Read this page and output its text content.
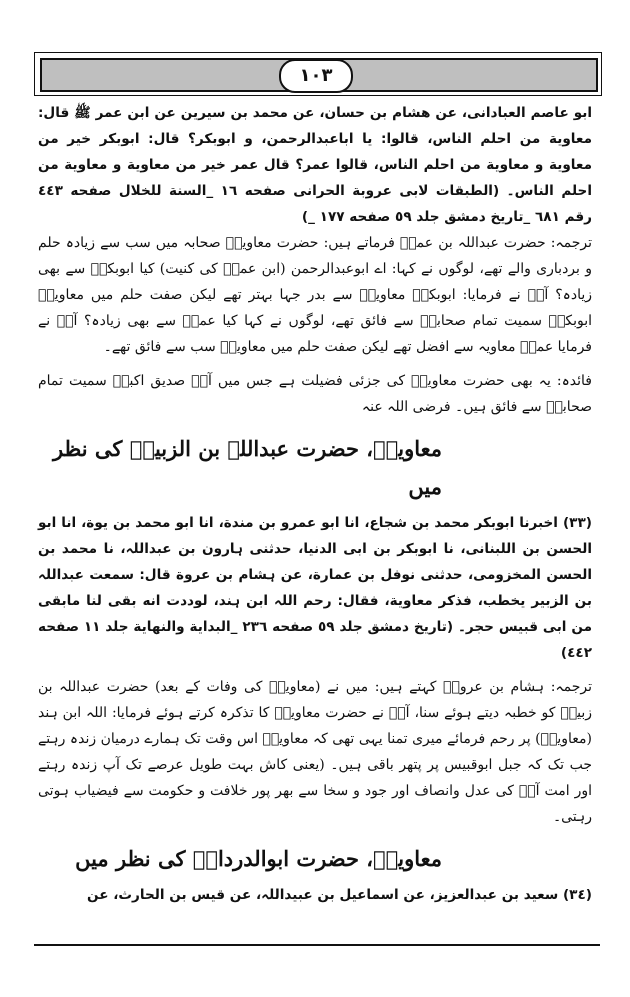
١٠٣

ابو عاصم العبادانی، عن هشام بن حسان، عن محمد بن سیرین عن ابن عمر ﷺ قال: معاویة من احلم الناس، قالوا: یا اباعبدالرحمن، و ابوبکر؟ قال: ابوبکر خیر من معاویة و معاویة من احلم الناس، قالوا عمر؟ قال عمر خیر من معاویة و معاویة من احلم الناس۔ (الطبقات لابی عروبة الحرانی صفحه ١٦ _السنة للخلال صفحه ٤٤٣ رقم ٦٨١ _تاریخ دمشق جلد ٥٩ صفحه ١٧٧ _)

ترجمہ: حضرت عبداللہ بن عمرؓ فرماتے ہیں: حضرت معاویہؓ صحابہ میں سب سے زیادہ حلم و بردباری والے تھے، لوگوں نے کہا: اے ابوعبدالرحمن (ابن عمرؓ کی کنیت) کیا ابوبکرؓ سے بھی زیادہ؟ آپؓ نے فرمایا: ابوبکرؓ معاویہؓ سے بدر جہا بہتر تھے لیکن صفت حلم میں معاویہؓ ابوبکرؓ سمیت تمام صحابہؓ سے فائق تھے، لوگوں نے کہا کیا عمرؓ سے بھی زیادہ؟ آپؓ نے فرمایا عمرؓ معاویہ سے افضل تھے لیکن صفت حلم میں معاویہؓ سب سے فائق تھے۔

فائدہ: یہ بھی حضرت معاویہؓ کی جزئی فضیلت ہے جس میں آپؓ صدیق اکبرؓ سمیت تمام صحابہؓ سے فائق ہیں۔ فرضی اللہ عنہ

معاویہؓ، حضرت عبداللہ بن الزبیرؓ کی نظر میں

(٣٣) اخبرنا ابوبکر محمد بن شجاع، انا ابو عمرو بن مندة، انا ابو محمد بن یوة، انا ابو الحسن بن اللبنانی، نا ابوبکر بن ابی الدنیا، حدثنی ہارون بن عبداللہ، نا محمد بن الحسن المخزومی، حدثنی نوفل بن عمارة، عن ہشام بن عروة قال: سمعت عبداللہ بن الزبیر یخطب، فذکر معاویة، فقال: رحم اللہ ابن ہند، لوددت انه بقی لنا مابقی من ابی قبیس حجر۔ (تاریخ دمشق جلد ٥٩ صفحه ٢٣٦ _البدایة والنهایة جلد ١١ صفحه ٤٤٢)

ترجمہ: ہشام بن عروہؒ کہتے ہیں: میں نے (معاویہؓ کی وفات کے بعد) حضرت عبداللہ بن زبیرؓ کو خطبہ دیتے ہوئے سنا، آپؓ نے حضرت معاویہؓ کا تذکرہ کرتے ہوئے فرمایا: اللہ ابن ہند (معاویہؓ) پر رحم فرمائے میری تمنا یہی تھی کہ معاویہؓ اس وقت تک ہمارے درمیان زندہ رہتے جب تک کہ جبل ابوقبیس پر پتھر باقی ہیں۔ (یعنی کاش بہت طویل عرصے تک آپ زندہ رہتے اور امت آپؓ کی عدل وانصاف اور جود و سخا سے بھر پور خلافت و حکومت سے فیضیاب ہوتی رہتی۔

معاویہؓ، حضرت ابوالدرداءؓ کی نظر میں

(٣٤) سعید بن عبدالعزیز، عن اسماعیل بن عبیداللہ، عن قیس بن الحارث، عن
